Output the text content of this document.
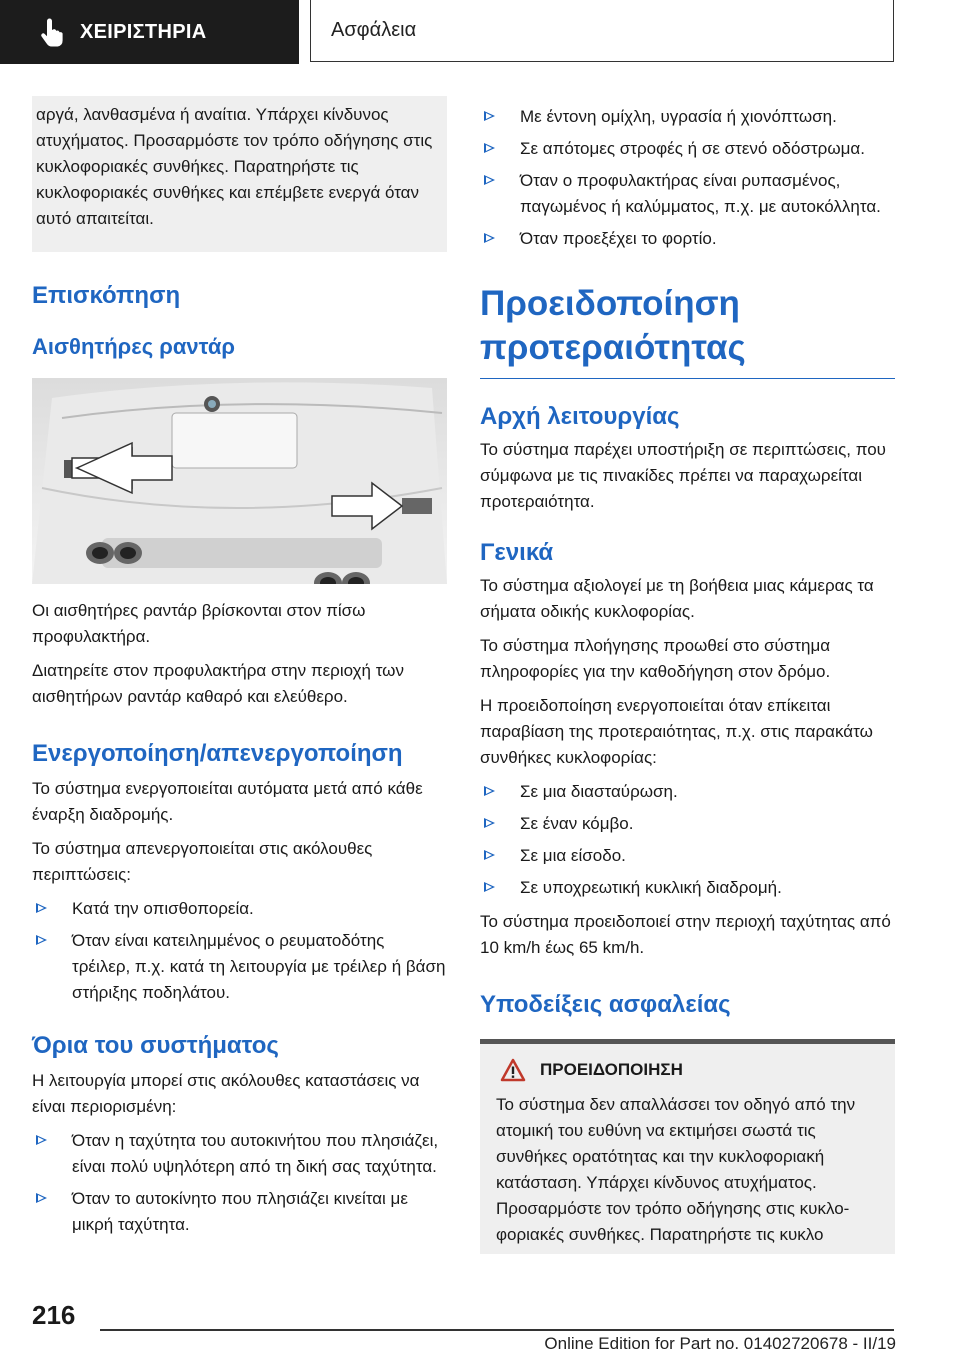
ΧΕΙΡΙΣΤΗΡΙΑ	Ασφάλεια

αργά, λανθασμένα ή αναίτια. Υπάρχει κίνδυνος ατυχήματος. Προσαρμόστε τον τρόπο οδήγησης στις κυκλοφοριακές συνθήκες. Παρατηρήστε τις κυκλοφοριακές συνθήκες και επέμβετε ενεργά όταν αυτό απαιτείται.

Επισκόπηση
Αισθητήρες ραντάρ

Οι αισθητήρες ραντάρ βρίσκονται στον πίσω προφυλακτήρα.

Διατηρείτε στον προφυλακτήρα στην περιοχή των αισθητήρων ραντάρ καθαρό και ελεύθερο.

Ενεργοποίηση/απενεργοποίηση

Το σύστημα ενεργοποιείται αυτόματα μετά από κάθε έναρξη διαδρομής.

Το σύστημα απενεργοποιείται στις ακόλουθες περιπτώσεις:

Κατά την οπισθοπορεία.
Όταν είναι κατειλημμένος ο ρευματοδότης τρέιλερ, π.χ. κατά τη λειτουργία με τρέιλερ ή βάση στήριξης ποδηλάτου.
Όρια του συστήματος

Η λειτουργία μπορεί στις ακόλουθες καταστάσεις να είναι περιορισμένη:

Όταν η ταχύτητα του αυτοκινήτου που πλησιάζει, είναι πολύ υψηλότερη από τη δική σας ταχύτητα.
Όταν το αυτοκίνητο που πλησιάζει κινείται με μικρή ταχύτητα.
Με έντονη ομίχλη, υγρασία ή χιονόπτωση.
Σε απότομες στροφές ή σε στενό οδόστρωμα.
Όταν ο προφυλακτήρας είναι ρυπασμένος, παγωμένος ή καλύμματος, π.χ. με αυτοκόλλητα.
Όταν προεξέχει το φορτίο.
Προειδοποίηση προτεραιότητας
Αρχή λειτουργίας

Το σύστημα παρέχει υποστήριξη σε περιπτώσεις, που σύμφωνα με τις πινακίδες πρέπει να παραχωρείται προτεραιότητα.

Γενικά

Το σύστημα αξιολογεί με τη βοήθεια μιας κάμερας τα σήματα οδικής κυκλοφορίας.

Το σύστημα πλοήγησης προωθεί στο σύστημα πληροφορίες για την καθοδήγηση στον δρόμο.

Η προειδοποίηση ενεργοποιείται όταν επίκειται παραβίαση της προτεραιότητας, π.χ. στις παρακάτω συνθήκες κυκλοφορίας:

Σε μια διασταύρωση.
Σε έναν κόμβο.
Σε μια είσοδο.
Σε υποχρεωτική κυκλική διαδρομή.

Το σύστημα προειδοποιεί στην περιοχή ταχύτητας από 10 km/h έως 65 km/h.

Υποδείξεις ασφαλείας
ΠΡΟΕΙΔΟΠΟΙΗΣΗ

Το σύστημα δεν απαλλάσσει τον οδηγό από την ατομική του ευθύνη να εκτιμήσει σωστά τις συνθήκες ορατότητας και την κυκλοφοριακή κατάσταση. Υπάρχει κίνδυνος ατυχήματος. Προσαρμόστε τον τρόπο οδήγησης στις κυκλοφοριακές συνθήκες. Παρατηρήστε τις κυκλο

216
Online Edition for Part no. 01402720678 - II/19
